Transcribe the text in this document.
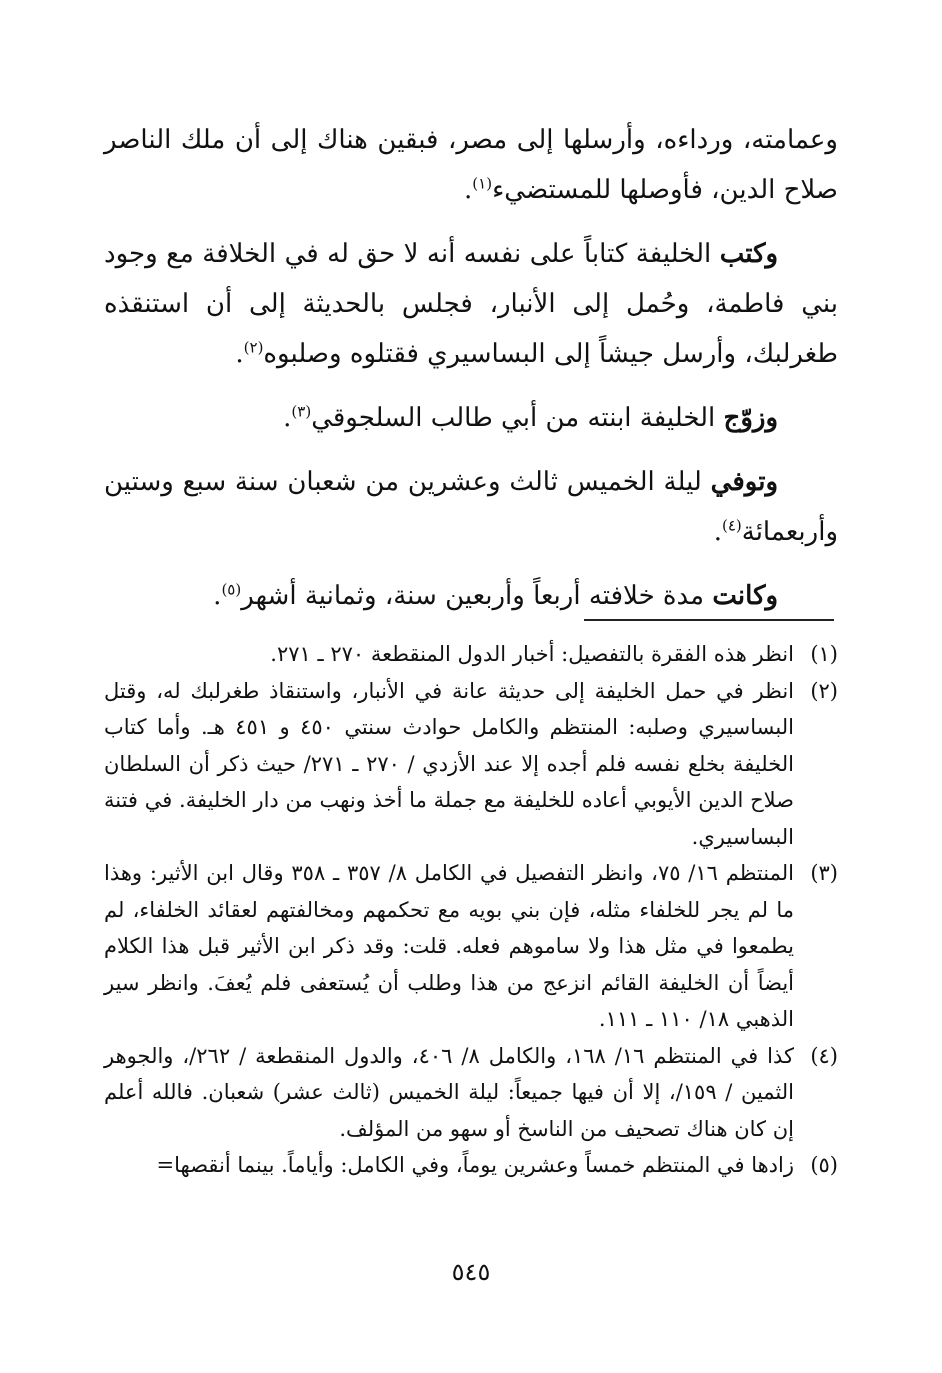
وعمامته، ورداءه، وأرسلها إلى مصر، فبقين هناك إلى أن ملك الناصر صلاح الدين، فأوصلها للمستضيء$^{(١)}$.

وكتب الخليفة كتاباً على نفسه أنه لا حق له في الخلافة مع وجود بني فاطمة، وحُمل إلى الأنبار، فجلس بالحديثة إلى أن استنقذه طغرلبك، وأرسل جيشاً إلى البساسيري فقتلوه وصلبوه$^{(٢)}$.

وزوّج الخليفة ابنته من أبي طالب السلجوقي$^{(٣)}$.

وتوفي ليلة الخميس ثالث وعشرين من شعبان سنة سبع وستين وأربعمائة$^{(٤)}$.

وكانت مدة خلافته أربعاً وأربعين سنة، وثمانية أشهر$^{(٥)}$.

(١)
انظر هذه الفقرة بالتفصيل: أخبار الدول المنقطعة ٢٧٠ ـ ٢٧١.

(٢)
انظر في حمل الخليفة إلى حديثة عانة في الأنبار، واستنقاذ طغرلبك له، وقتل البساسيري وصلبه: المنتظم والكامل حوادث سنتي ٤٥٠ و ٤٥١ هـ. وأما كتاب الخليفة بخلع نفسه فلم أجده إلا عند الأزدي / ٢٧٠ ـ ٢٧١/ حيث ذكر أن السلطان صلاح الدين الأيوبي أعاده للخليفة مع جملة ما أخذ ونهب من دار الخليفة. في فتنة البساسيري.

(٣)
المنتظم ١٦/ ٧٥، وانظر التفصيل في الكامل ٨/ ٣٥٧ ـ ٣٥٨ وقال ابن الأثير: وهذا ما لم يجر للخلفاء مثله، فإن بني بويه مع تحكمهم ومخالفتهم لعقائد الخلفاء، لم يطمعوا في مثل هذا ولا ساموهم فعله. قلت: وقد ذكر ابن الأثير قبل هذا الكلام أيضاً أن الخليفة القائم انزعج من هذا وطلب أن يُستعفى فلم يُعفَ. وانظر سير الذهبي ١٨/ ١١٠ ـ ١١١.

(٤)
كذا في المنتظم ١٦/ ١٦٨، والكامل ٨/ ٤٠٦، والدول المنقطعة / ٢٦٢/، والجوهر الثمين / ١٥٩/، إلا أن فيها جميعاً: ليلة الخميس (ثالث عشر) شعبان. فالله أعلم إن كان هناك تصحيف من الناسخ أو سهو من المؤلف.

(٥)
زادها في المنتظم خمساً وعشرين يوماً، وفي الكامل: وأياماً. بينما أنقصها=

٥٤٥
